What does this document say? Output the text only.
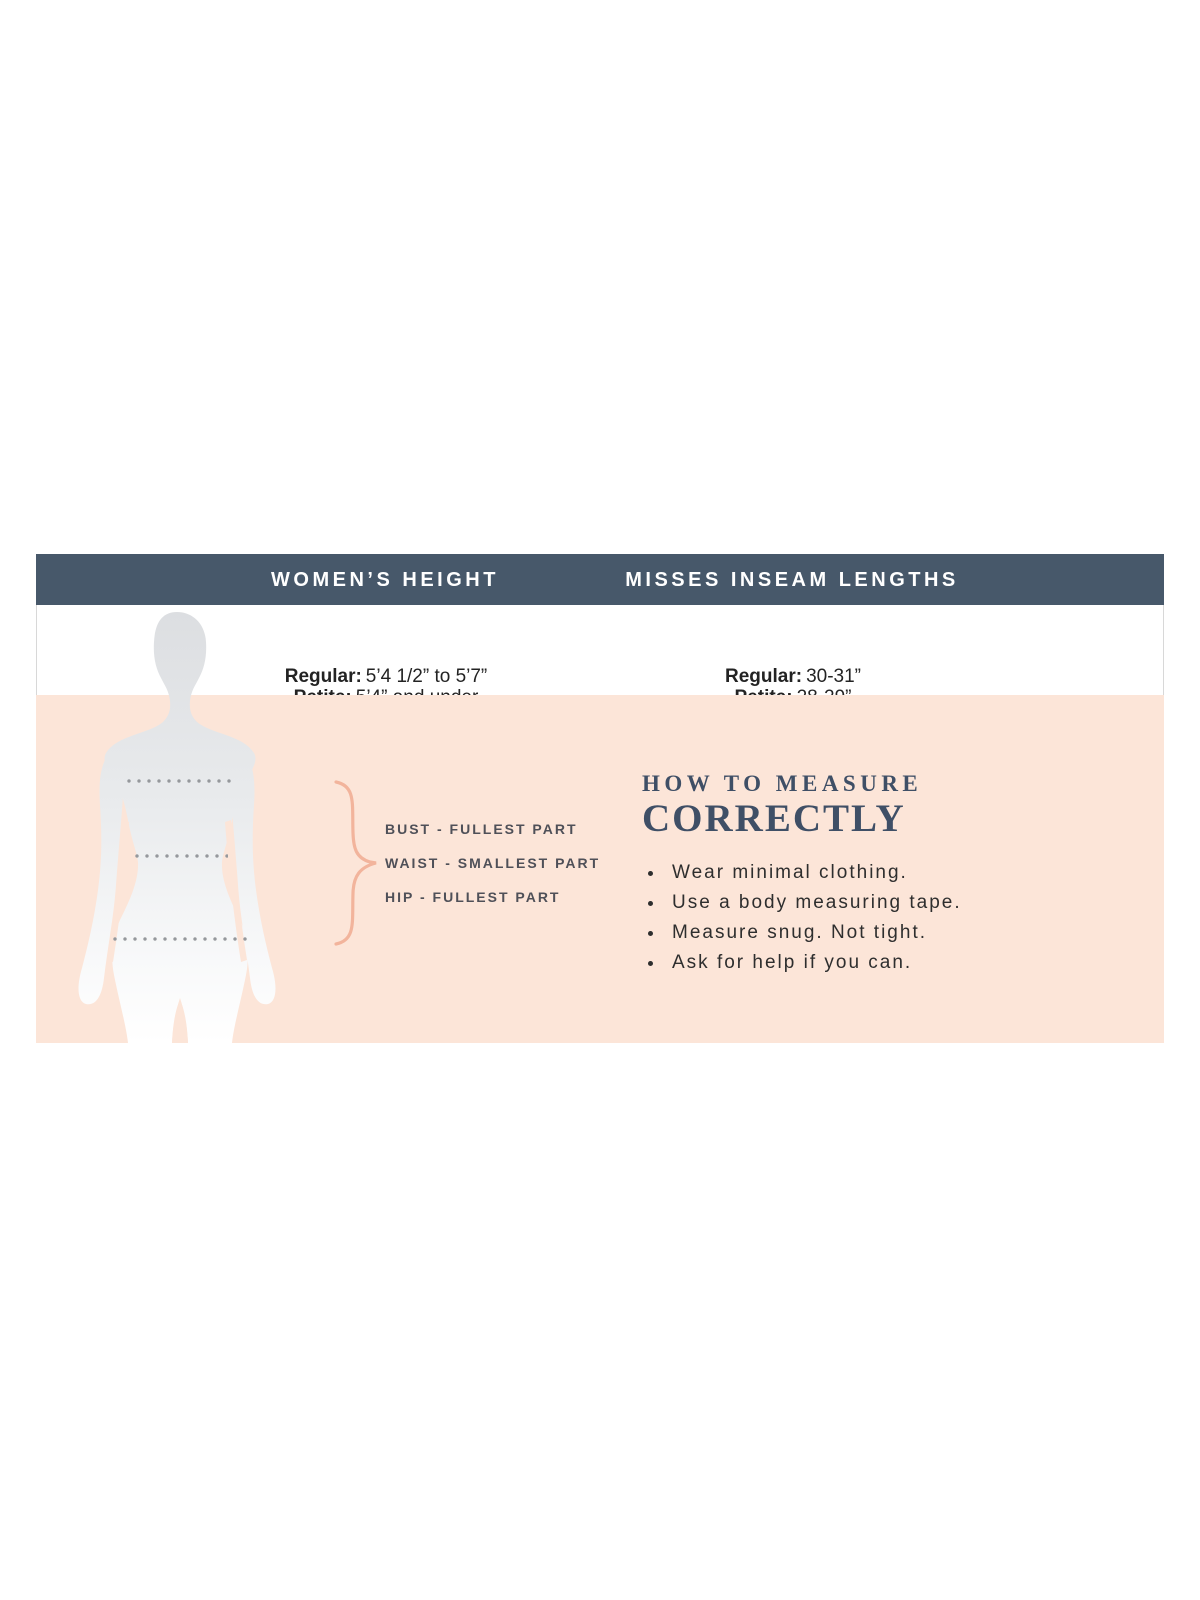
WOMEN’S HEIGHT	MISSES INSEAM LENGTHS
Regular: 5’4 1/2” to 5’7”	Regular: 30-31”
BUST - FULLEST PART
WAIST - SMALLEST PART
HIP - FULLEST PART
HOW TO MEASURE
CORRECTLY
Wear minimal clothing.
Use a body measuring tape.
Measure snug. Not tight.
Ask for help if you can.
